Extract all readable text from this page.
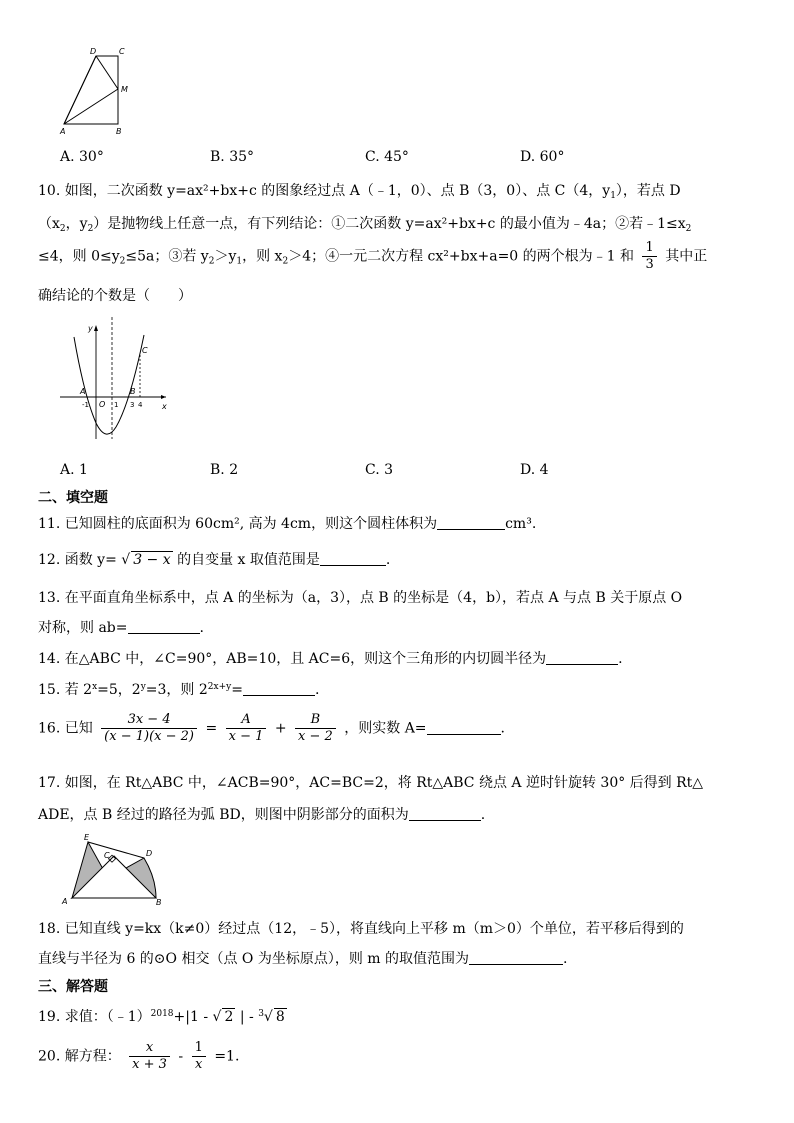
D	C
M
A	B
A. 30°	B. 35°	C. 45°	D. 60°
10. 如图，二次函数 y=ax²+bx+c 的图象经过点 A（﹣1，0）、点 B（3，0）、点 C（4，$y_1$），若点 D
（$x_2$，$y_2$）是抛物线上任意一点，有下列结论：①二次函数 y=ax²+bx+c 的最小值为﹣4a；②若$﹣1\le x_2$
≤4，则 $0\le y_2\le 5a$；③若 $y_2>y_1$，则 $x_2>4$；④一元二次方程 cx²+bx+a=0 的两个根为﹣1 和 $\frac{1}{3}$ 其中正
确结论的个数是（　　）
y
x
C
A	B
O
-1	1 3 4
A. 1	B. 2	C. 3	D. 4
二、填空题
11. 已知圆柱的底面积为 60cm², 高为 4cm，则这个圆柱体积为	cm³.
12. 函数 y= √ 3 − x 的自变量 x 取值范围是	.
13. 在平面直角坐标系中，点 A 的坐标为（a，3），点 B 的坐标是（4，b），若点 A 与点 B 关于原点 O
对称，则 ab=	.
14. 在△ABC 中，∠C=90°，AB=10，且 AC=6，则这个三角形的内切圆半径为	.
15. 若 $2^x=5$，$2^y=3$，则 $2^{2x+y}=$	.
16. 已知 $\frac{3x - 4}{(x - 1)(x - 2)} = \frac{A}{x - 1} + \frac{B}{x - 2}$ ，则实数 A=	.
17. 如图，在 Rt△ABC 中，∠ACB=90°，AC=BC=2，将 Rt△ABC 绕点 A 逆时针旋转 30° 后得到 Rt△
ADE，点 B 经过的路径为弧 BD，则图中阴影部分的面积为	.
E
D
C
A	B
18. 已知直线 y=kx（k≠0）经过点（12，﹣5），将直线向上平移 m（m＞0）个单位，若平移后得到的
直线与半径为 6 的⊙O 相交（点 O 为坐标原点），则 m 的取值范围为	.
三、解答题
19. 求值：（﹣1）$^{2018}$+|1 - √ 2 | - $^3$√ 8
20. 解方程： $\frac{x}{x + 3} - \frac{1}{x} =1$.
